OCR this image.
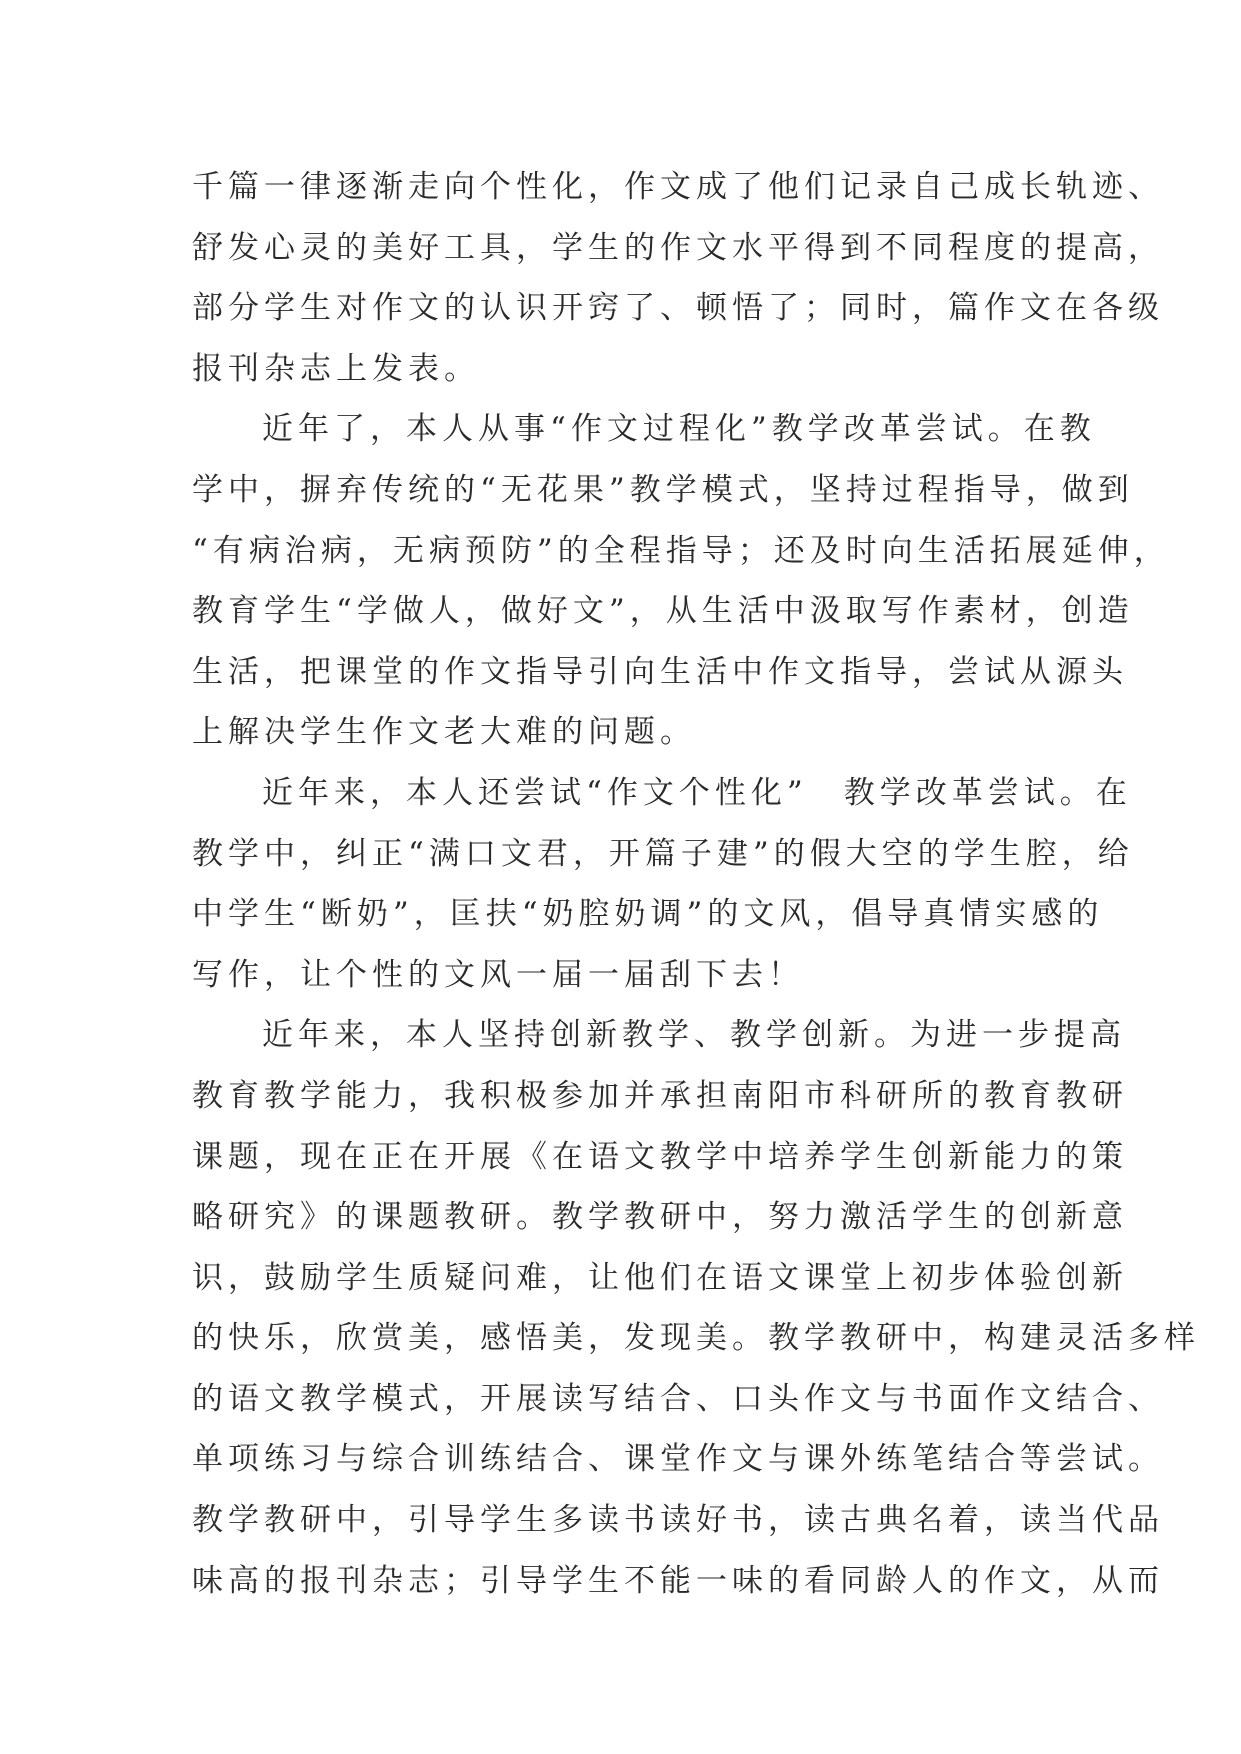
千篇一律逐渐走向个性化，作文成了他们记录自己成长轨迹、
舒发心灵的美好工具，学生的作文水平得到不同程度的提高，
部分学生对作文的认识开窍了、顿悟了；同时，篇作文在各级
报刊杂志上发表。
近年了，本人从事“作文过程化”教学改革尝试。在教
学中，摒弃传统的“无花果”教学模式，坚持过程指导，做到
“有病治病，无病预防”的全程指导；还及时向生活拓展延伸，
教育学生“学做人，做好文”，从生活中汲取写作素材，创造
生活，把课堂的作文指导引向生活中作文指导，尝试从源头
上解决学生作文老大难的问题。
近年来，本人还尝试“作文个性化”　教学改革尝试。在
教学中，纠正“满口文君，开篇子建”的假大空的学生腔，给
中学生“断奶”，匡扶“奶腔奶调”的文风，倡导真情实感的
写作，让个性的文风一届一届刮下去！
近年来，本人坚持创新教学、教学创新。为进一步提高
教育教学能力，我积极参加并承担南阳市科研所的教育教研
课题，现在正在开展《在语文教学中培养学生创新能力的策
略研究》的课题教研。教学教研中，努力激活学生的创新意
识，鼓励学生质疑问难，让他们在语文课堂上初步体验创新
的快乐，欣赏美，感悟美，发现美。教学教研中，构建灵活多样
的语文教学模式，开展读写结合、口头作文与书面作文结合、
单项练习与综合训练结合、课堂作文与课外练笔结合等尝试。
教学教研中，引导学生多读书读好书，读古典名着，读当代品
味高的报刊杂志；引导学生不能一味的看同龄人的作文，从而
